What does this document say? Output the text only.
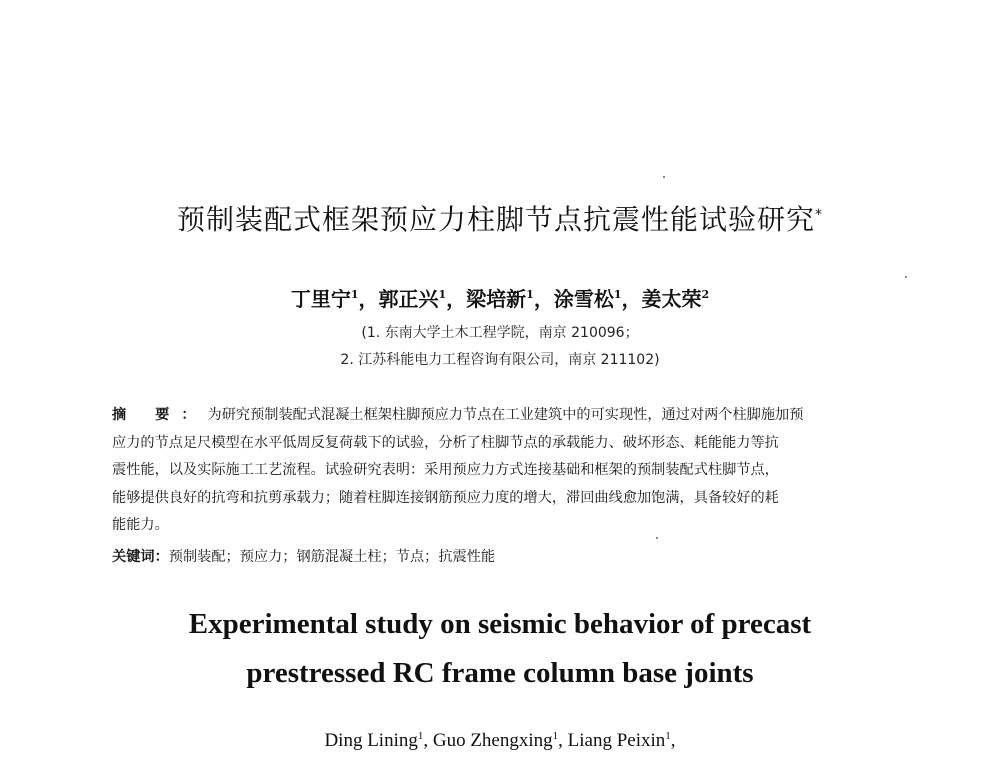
预制装配式框架预应力柱脚节点抗震性能试验研究*
丁里宁$^1$，郭正兴$^1$，梁培新$^1$，涂雪松$^1$，姜太荣$^2$
(1. 东南大学土木工程学院，南京 210096；
2. 江苏科能电力工程咨询有限公司，南京 211102)
摘 要：为研究预制装配式混凝土框架柱脚预应力节点在工业建筑中的可实现性，通过对两个柱脚施加预
应力的节点足尺模型在水平低周反复荷载下的试验，分析了柱脚节点的承载能力、破坏形态、耗能能力等抗
震性能，以及实际施工工艺流程。试验研究表明：采用预应力方式连接基础和框架的预制装配式柱脚节点，
能够提供良好的抗弯和抗剪承载力；随着柱脚连接钢筋预应力度的增大，滞回曲线愈加饱满，具备较好的耗
能能力。
关键词：预制装配；预应力；钢筋混凝土柱；节点；抗震性能
Experimental study on seismic behavior of precast
prestressed RC frame column base joints
Ding Lining$^1$, Guo Zhengxing$^1$, Liang Peixin$^1$,
